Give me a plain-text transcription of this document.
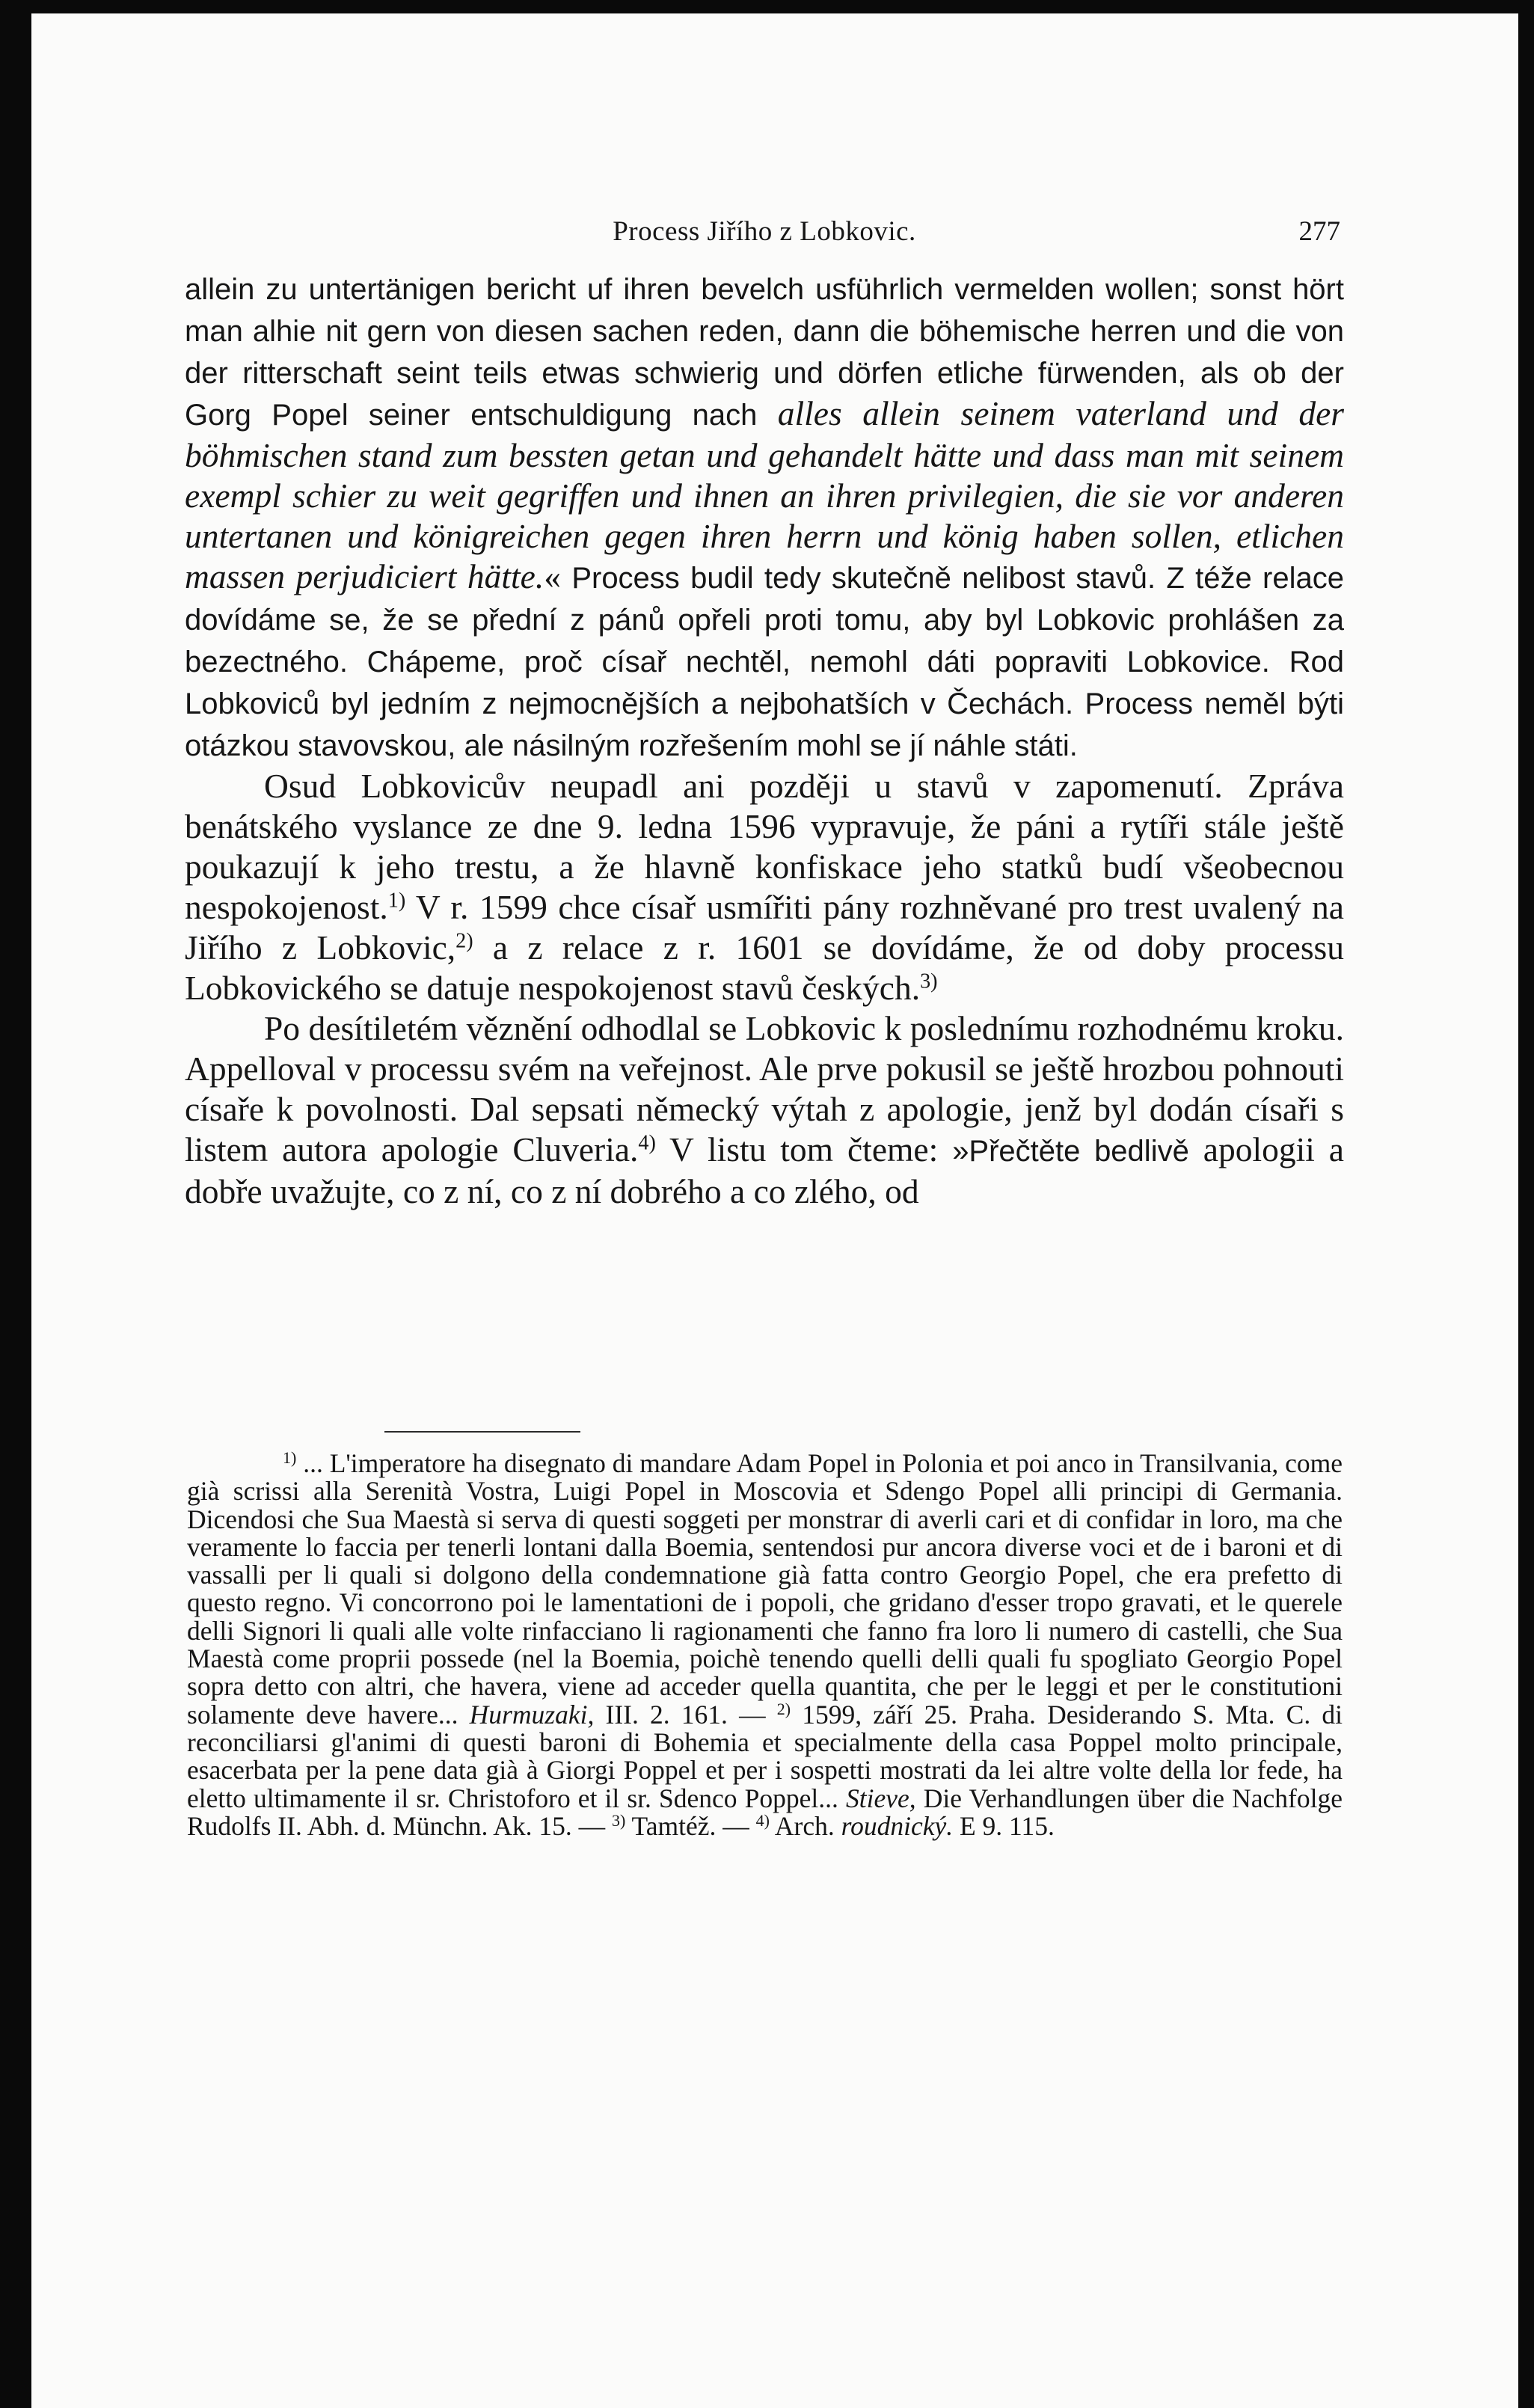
Process Jiřího z Lobkovic.	277

allein zu untertänigen bericht uf ihren bevelch usführlich vermelden wollen; sonst hört man alhie nit gern von diesen sachen reden, dann die böhemische herren und die von der ritterschaft seint teils etwas schwierig und dörfen etliche fürwenden, als ob der Gorg Popel seiner entschuldigung nach alles allein seinem vaterland und der böhmischen stand zum bessten getan und gehandelt hätte und dass man mit seinem exempl schier zu weit gegriffen und ihnen an ihren privilegien, die sie vor anderen untertanen und königreichen gegen ihren herrn und könig haben sollen, etlichen massen perjudiciert hätte.« Process budil tedy skutečně nelibost stavů. Z téže relace dovídáme se, že se přední z pánů opřeli proti tomu, aby byl Lobkovic prohlášen za bezectného. Chápeme, proč císař nechtěl, nemohl dáti popraviti Lobkovice. Rod Lobkoviců byl jedním z nejmocnějších a nejbohatších v Čechách. Process neměl býti otázkou stavovskou, ale násilným rozřešením mohl se jí náhle státi.

Osud Lobkovicův neupadl ani později u stavů v zapomenutí. Zpráva benátského vyslance ze dne 9. ledna 1596 vypravuje, že páni a rytíři stále ještě poukazují k jeho trestu, a že hlavně konfiskace jeho statků budí všeobecnou nespokojenost.$^{1)}$ V r. 1599 chce císař usmířiti pány rozhněvané pro trest uvalený na Jiřího z Lobkovic,$^{2)}$ a z relace z r. 1601 se dovídáme, že od doby processu Lobkovického se datuje nespokojenost stavů českých.$^{3)}$

Po desítiletém věznění odhodlal se Lobkovic k poslednímu rozhodnému kroku. Appelloval v processu svém na veřejnost. Ale prve pokusil se ještě hrozbou pohnouti císaře k povolnosti. Dal sepsati německý výtah z apologie, jenž byl dodán císaři s listem autora apologie Cluveria.$^{4)}$ V listu tom čteme: »Přečtěte bedlivě apologii a dobře uvažujte, co z ní, co z ní dobrého a co zlého, od

$^{1)}$ ... L'imperatore ha disegnato di mandare Adam Popel in Polonia et poi anco in Transilvania, come già scrissi alla Serenità Vostra, Luigi Popel in Moscovia et Sdengo Popel alli principi di Germania. Dicendosi che Sua Maestà si serva di questi soggeti per monstrar di averli cari et di confidar in loro, ma che veramente lo faccia per tenerli lontani dalla Boemia, sentendosi pur ancora diverse voci et de i baroni et di vassalli per li quali si dolgono della condemnatione già fatta contro Georgio Popel, che era prefetto di questo regno. Vi concorrono poi le lamentationi de i popoli, che gridano d'esser tropo gravati, et le querele delli Signori li quali alle volte rinfacciano li ragionamenti che fanno fra loro li numero di castelli, che Sua Maestà come proprii possede (nel la Boemia, poichè tenendo quelli delli quali fu spogliato Georgio Popel sopra detto con altri, che havera, viene ad acceder quella quantita, che per le leggi et per le constitutioni solamente deve havere... Hurmuzaki, III. 2. 161. — $^{2)}$ 1599, září 25. Praha. Desiderando S. Mta. C. di reconciliarsi gl'animi di questi baroni di Bohemia et specialmente della casa Poppel molto principale, esacerbata per la pene data già à Giorgi Poppel et per i sospetti mostrati da lei altre volte della lor fede, ha eletto ultimamente il sr. Christoforo et il sr. Sdenco Poppel... Stieve, Die Verhandlungen über die Nachfolge Rudolfs II. Abh. d. Münchn. Ak. 15. — $^{3)}$ Tamtéž. — $^{4)}$ Arch. roudnický. E 9. 115.
